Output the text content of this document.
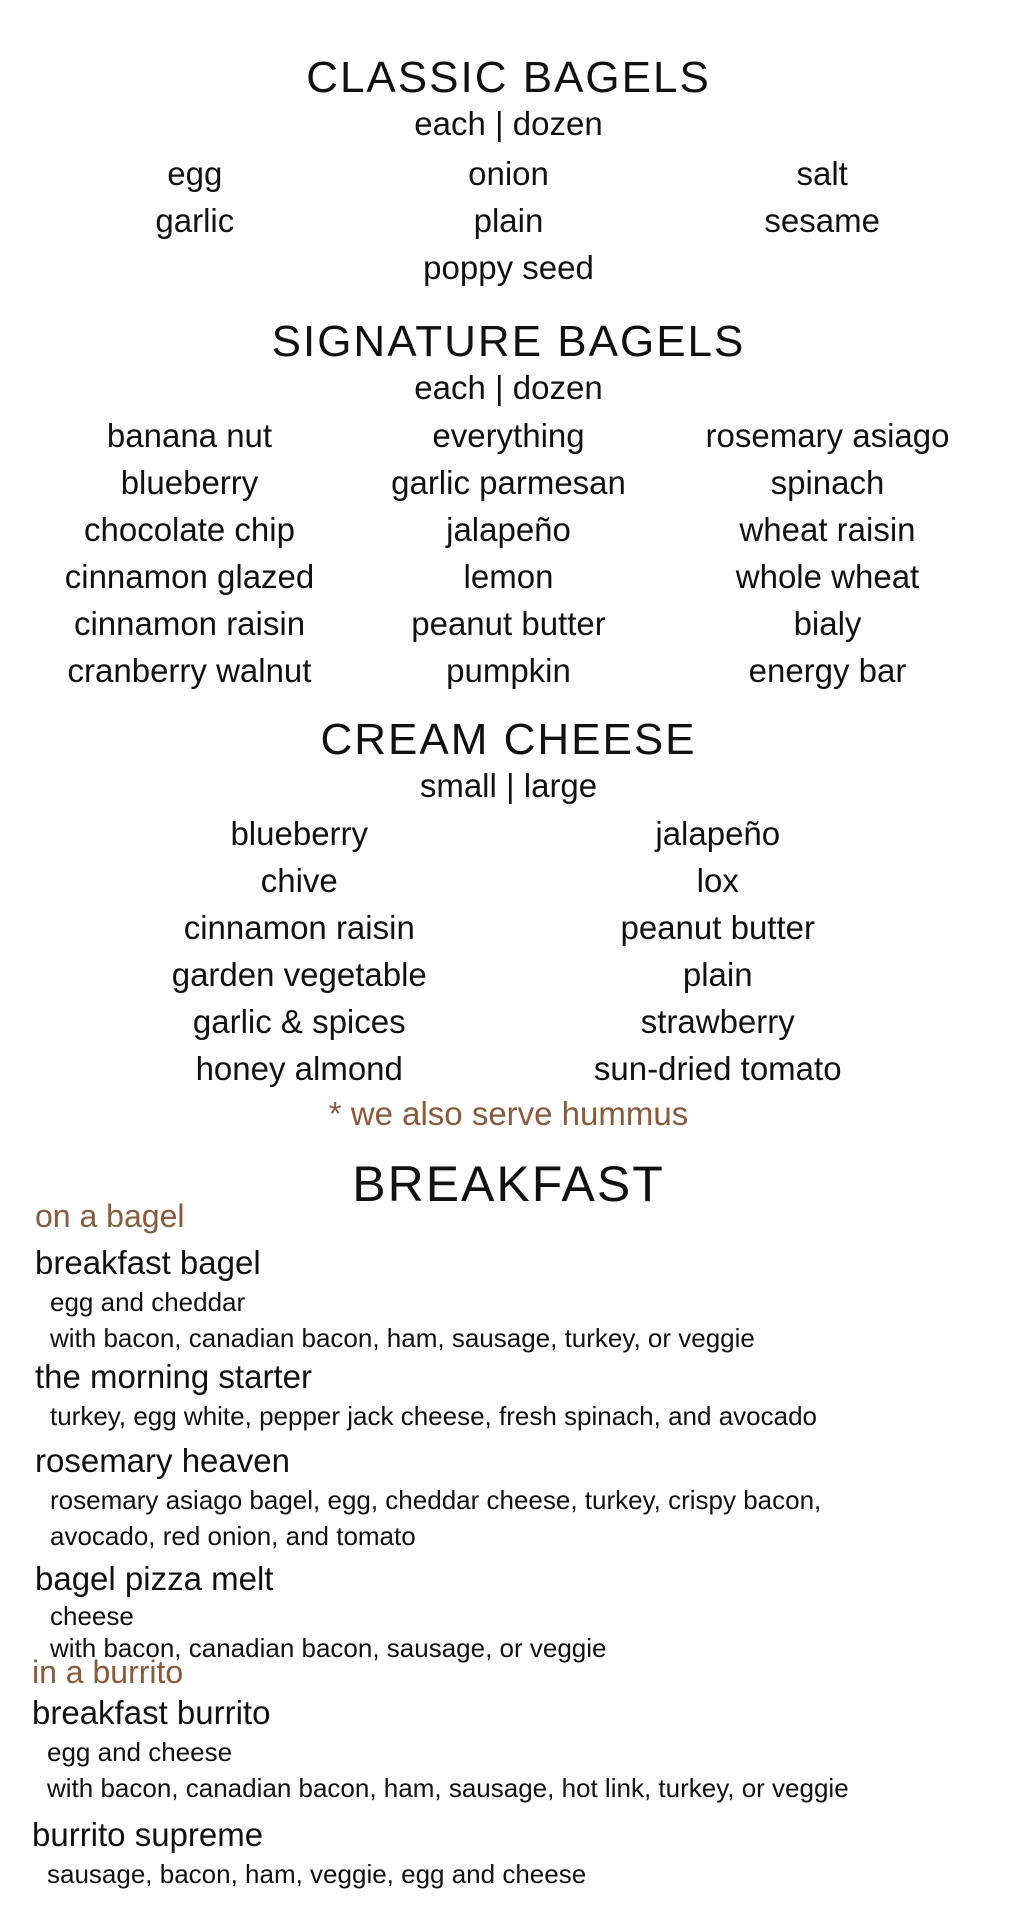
CLASSIC BAGELS

each | dozen

egg	onion	salt
garlic	plain	sesame
poppy seed
SIGNATURE BAGELS

each | dozen

banana nut	everything	rosemary asiago
blueberry	garlic parmesan	spinach
chocolate chip	jalapeño	wheat raisin
cinnamon glazed	lemon	whole wheat
cinnamon raisin	peanut butter	bialy
cranberry walnut	pumpkin	energy bar
CREAM CHEESE

small | large

blueberry	jalapeño
chive	lox
cinnamon raisin	peanut butter
garden vegetable	plain
garlic & spices	strawberry
honey almond	sun-dried tomato
* we also serve hummus
BREAKFAST

on a bagel

breakfast bagel

egg and cheddar

with bacon, canadian bacon, ham, sausage, turkey, or veggie

the morning starter

turkey, egg white, pepper jack cheese, fresh spinach, and avocado

rosemary heaven

rosemary asiago bagel, egg, cheddar cheese, turkey, crispy bacon,

avocado, red onion, and tomato

bagel pizza melt

cheese

with bacon, canadian bacon, sausage, or veggie

in a burrito

breakfast burrito

egg and cheese

with bacon, canadian bacon, ham, sausage, hot link, turkey, or veggie

burrito supreme

sausage, bacon, ham, veggie, egg and cheese
